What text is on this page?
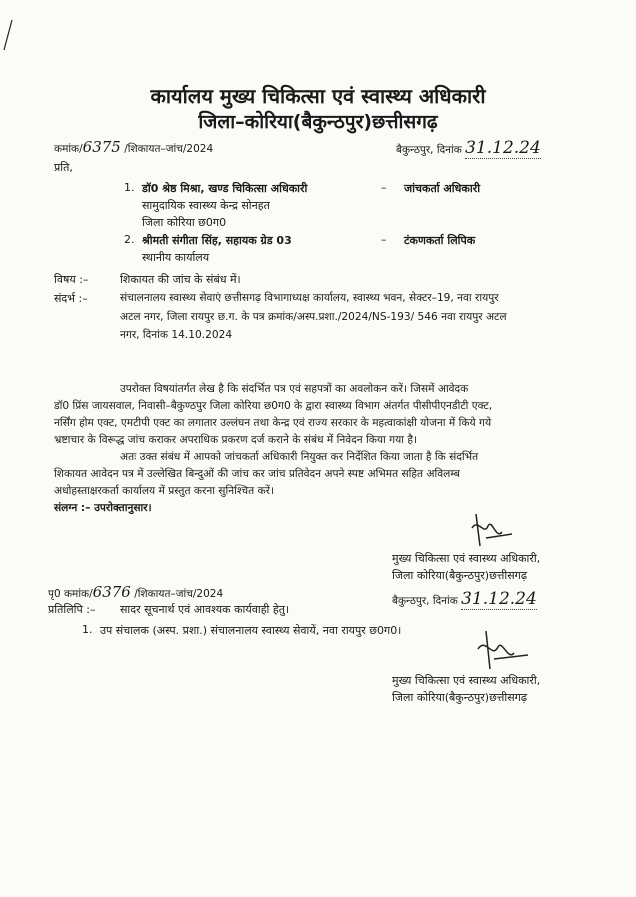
कार्यालय मुख्य चिकित्सा एवं स्वास्थ्य अधिकारी
जिला–कोरिया(बैकुन्ठपुर)छत्तीसगढ़
कमांक/6375 /शिकायत–जांच/2024	बैकुन्ठपुर, दिनांक 31.12.24
प्रति,
1. डॉ0 श्रेष्ठ मिश्रा, खण्ड चिकित्सा अधिकारी
सामुदायिक स्वास्थ्य केन्द्र सोनहत
जिला कोरिया छ0ग0
– जांचकर्ता अधिकारी
2. श्रीमती संगीता सिंह, सहायक ग्रेड 03
स्थानीय कार्यालय
– टंकणकर्ता लिपिक
विषय :–	शिकायत की जांच के संबंध में।
संदर्भ :–	संचालनालय स्वास्थ्य सेवाएं छत्तीसगढ़ विभागाध्यक्ष कार्यालय, स्वास्थ्य भवन, सेक्टर–19, नवा रायपुर
अटल नगर, जिला रायपुर छ.ग. के पत्र क्रमांक/अस्प.प्रशा./2024/NS-193/ 546 नवा रायपुर अटल
नगर, दिनांक 14.10.2024
उपरोक्त विषयांतर्गत लेख है कि संदर्भित पत्र एवं सहपत्रों का अवलोकन करें। जिसमें आवेदक
डॉ0 प्रिंस जायसवाल, निवासी–बैकुण्ठपुर जिला कोरिया छ0ग0 के द्वारा स्वास्थ्य विभाग अंतर्गत पीसीपीएनडीटी एक्ट,
नर्सिंग होम एक्ट, एमटीपी एक्ट का लगातार उल्लंघन तथा केन्द्र एवं राज्य सरकार के महत्वाकांक्षी योजना में किये गये
भ्रष्टाचार के विरूद्ध जांच कराकर अपराधिक प्रकरण दर्ज कराने के संबंध में निवेदन किया गया है।
अतः उक्त संबंध में आपको जांचकर्ता अधिकारी नियुक्त कर निर्देशित किया जाता है कि संदर्भित
शिकायत आवेदन पत्र में उल्लेखित बिन्दुओं की जांच कर जांच प्रतिवेदन अपने स्पष्ट अभिमत सहित अविलम्ब
अधोहस्ताक्षरकर्ता कार्यालय में प्रस्तुत करना सुनिश्चित करें।
संलग्न :– उपरोक्तानुसार।
मुख्य चिकित्सा एवं स्वास्थ्य अधिकारी,
जिला कोरिया(बैकुन्ठपुर)छत्तीसगढ़
पृ0 कमांक/6376 /शिकायत–जांच/2024
बैकुन्ठपुर, दिनांक 31.12.24
प्रतिलिपि :– सादर सूचनार्थ एवं आवश्यक कार्यवाही हेतु।
1. उप संचालक (अस्प. प्रशा.) संचालनालय स्वास्थ्य सेवायें, नवा रायपुर छ0ग0।
मुख्य चिकित्सा एवं स्वास्थ्य अधिकारी,
जिला कोरिया(बैकुन्ठपुर)छत्तीसगढ़
